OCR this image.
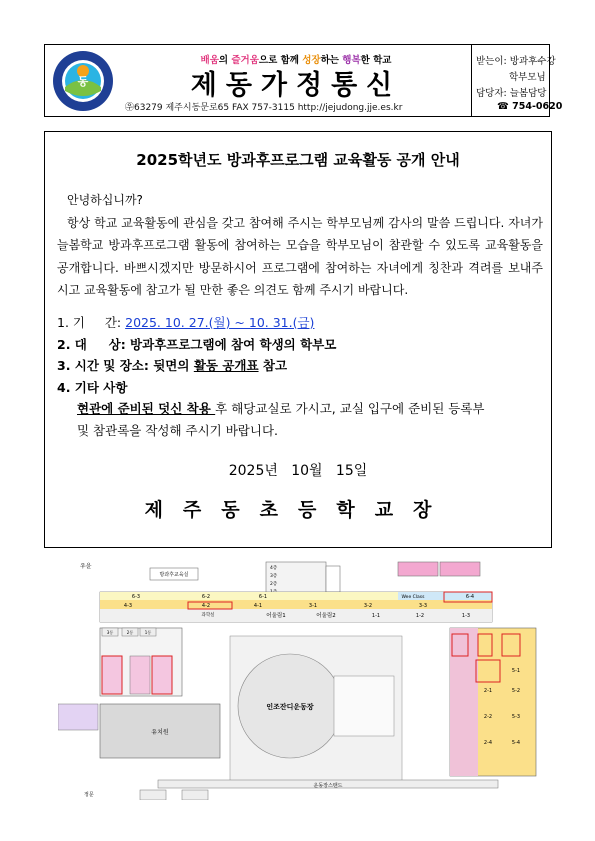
동
배움의 즐거움으로 함께 성장하는 행복한 학교
제동가정통신
㉾63279 제주시동문로65 FAX 757-3115 http://jejudong.jje.es.kr
받는이: 방과후수강
학부모님
담당자: 늘봄담당
☎ 754-0620
2025학년도 방과후프로그램 교육활동 공개 안내

안녕하십니까?

항상 학교 교육활동에 관심을 갖고 참여해 주시는 학부모님께 감사의 말씀 드립니다. 자녀가 늘봄학교 방과후프로그램 활동에 참여하는 모습을 학부모님이 참관할 수 있도록 교육활동을 공개합니다. 바쁘시겠지만 방문하시어 프로그램에 참여하는 자녀에게 칭찬과 격려를 보내주시고 교육활동에 참고가 될 만한 좋은 의견도 함께 주시기 바랍니다.

1. 기     간: 2025. 10. 27.(월) ~ 10. 31.(금)
2. 대     상: 방과후프로그램에 참여 학생의 학부모
3. 시간 및 장소: 뒷면의 활동 공개표 참고
4. 기타 사항
현관에 준비된 덧신 착용 후 해당교실로 가시고, 교실 입구에 준비된 등록부
및 참관록을 작성해 주시기 바랍니다.
2025년   10월   15일
제주동초등학교장
우윤
방과후교육실
4층
3층
2층
6-3	6-2	6-1	Wee Class	6-4
4-3	4-2	4-1	3-1	3-2	3-3
과학실	어울림1	어울림2	1-1	1-2	1-3
3동	2동	1동
유치원
인조잔디운동장
5-1
2-1	5-2
2-2	5-3
2-4	5-4
운동장스탠드
정문
